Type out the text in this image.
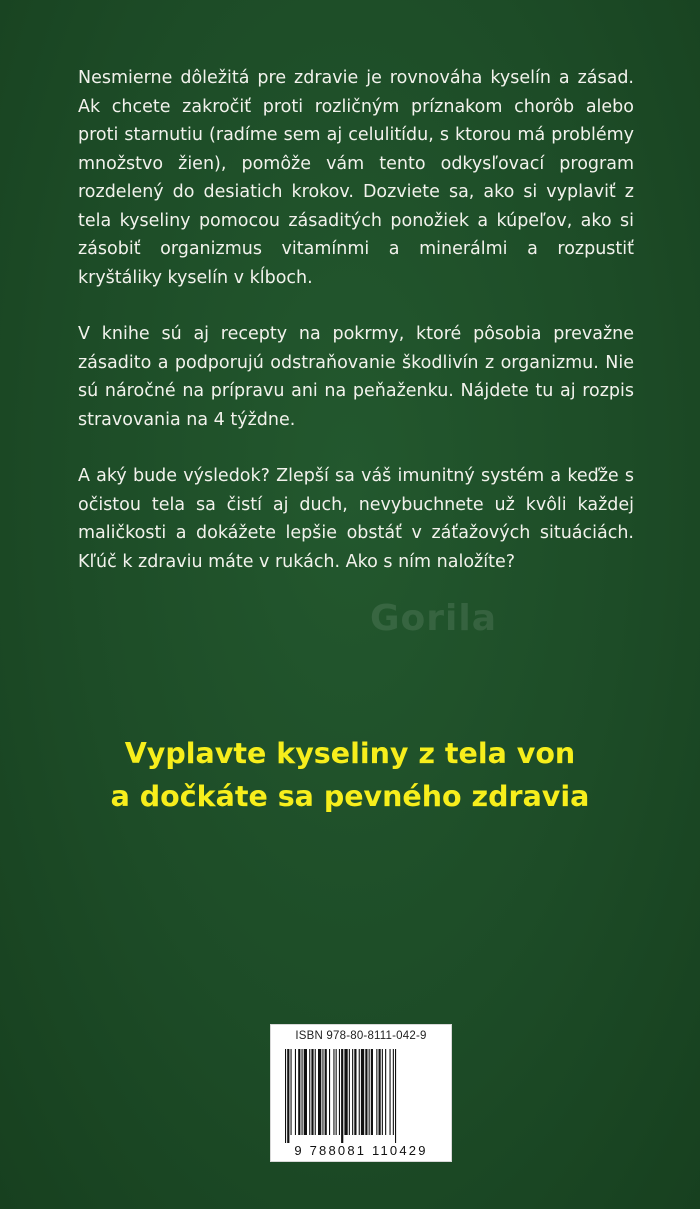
Nesmierne dôležitá pre zdravie je rovnováha kyselín a zásad. Ak chcete zakročiť proti rozličným príznakom chorôb alebo proti starnutiu (radíme sem aj celulitídu, s ktorou má problémy množstvo žien), pomôže vám tento odkysľovací program rozdelený do desiatich krokov. Dozviete sa, ako si vyplaviť z tela kyseliny pomocou zásaditých ponožiek a kúpeľov, ako si zásobiť organizmus vitamínmi a minerálmi a rozpustiť kryštáliky kyselín v kĺboch.

V knihe sú aj recepty na pokrmy, ktoré pôsobia prevažne zásadito a podporujú odstraňovanie škodlivín z organizmu. Nie sú náročné na prípravu ani na peňaženku. Nájdete tu aj rozpis stravovania na 4 týždne.

A aký bude výsledok? Zlepší sa váš imunitný systém a keďže s očistou tela sa čistí aj duch, nevybuchnete už kvôli každej maličkosti a dokážete lepšie obstáť v záťažových situáciách. Kľúč k zdraviu máte v rukách. Ako s ním naložíte?

Gorila
Vyplavte kyseliny z tela von
a dočkáte sa pevného zdravia
ISBN 978-80-8111-042-9
9 788081 110429
